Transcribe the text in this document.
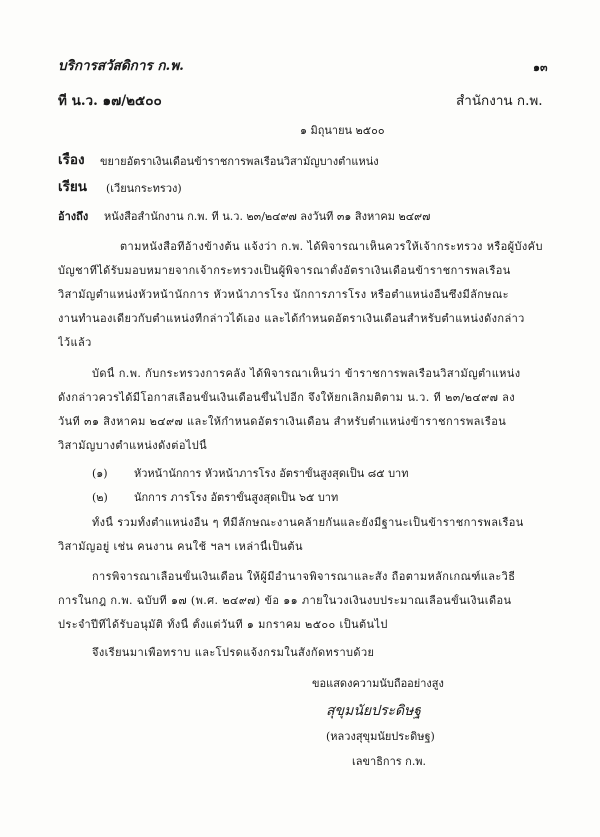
บริการสวัสดิการ ก.พ.	๑๓
ที่ น.ว. ๑๗/๒๕๐๐	สำนักงาน ก.พ.
๑ มิถุนายน ๒๕๐๐
เรื่อง ขยายอัตราเงินเดือนข้าราชการพลเรือนวิสามัญบางตำแหน่ง
เรียน (เวียนกระทรวง)
อ้างถึง หนังสือสำนักงาน ก.พ. ที่ น.ว. ๒๓/๒๔๙๗ ลงวันที่ ๓๑ สิงหาคม ๒๔๙๗
ตามหนังสือที่อ้างข้างต้น แจ้งว่า ก.พ. ได้พิจารณาเห็นควรให้เจ้ากระทรวง หรือผู้บังคับ
บัญชาที่ได้รับมอบหมายจากเจ้ากระทรวงเป็นผู้พิจารณาตั้งอัตราเงินเดือนข้าราชการพลเรือน
วิสามัญตำแหน่งหัวหน้านักการ หัวหน้าภารโรง นักการภารโรง หรือตำแหน่งอื่นซึ่งมีลักษณะ
งานทำนองเดียวกับตำแหน่งที่กล่าวได้เอง และได้กำหนดอัตราเงินเดือนสำหรับตำแหน่งดังกล่าว
ไว้แล้ว
บัดนี้ ก.พ. กับกระทรวงการคลัง ได้พิจารณาเห็นว่า ข้าราชการพลเรือนวิสามัญตำแหน่ง
ดังกล่าวควรได้มีโอกาสเลื่อนขั้นเงินเดือนขึ้นไปอีก จึงให้ยกเลิกมติตาม น.ว. ที่ ๒๓/๒๔๙๗ ลง
วันที่ ๓๑ สิงหาคม ๒๔๙๗ และให้กำหนดอัตราเงินเดือน สำหรับตำแหน่งข้าราชการพลเรือน
วิสามัญบางตำแหน่งดังต่อไปนี้
(๑) หัวหน้านักการ หัวหน้าภารโรง อัตราขั้นสูงสุดเป็น ๘๕ บาท
(๒) นักการ ภารโรง อัตราขั้นสูงสุดเป็น ๖๕ บาท
ทั้งนี้ รวมทั้งตำแหน่งอื่น ๆ ที่มีลักษณะงานคล้ายกันและยังมีฐานะเป็นข้าราชการพลเรือน
วิสามัญอยู่ เช่น คนงาน คนใช้ ฯลฯ เหล่านี้เป็นต้น
การพิจารณาเลื่อนขั้นเงินเดือน ให้ผู้มีอำนาจพิจารณาและสั่ง ถือตามหลักเกณฑ์และวิธี
การในกฎ ก.พ. ฉบับที่ ๑๗ (พ.ศ. ๒๔๙๗) ข้อ ๑๑ ภายในวงเงินงบประมาณเลื่อนขั้นเงินเดือน
ประจำปีที่ได้รับอนุมัติ ทั้งนี้ ตั้งแต่วันที่ ๑ มกราคม ๒๕๐๐ เป็นต้นไป
จึงเรียนมาเพื่อทราบ และโปรดแจ้งกรมในสังกัดทราบด้วย
ขอแสดงความนับถืออย่างสูง
สุขุมนัยประดิษฐ
(หลวงสุขุมนัยประดิษฐ)
เลขาธิการ ก.พ.
